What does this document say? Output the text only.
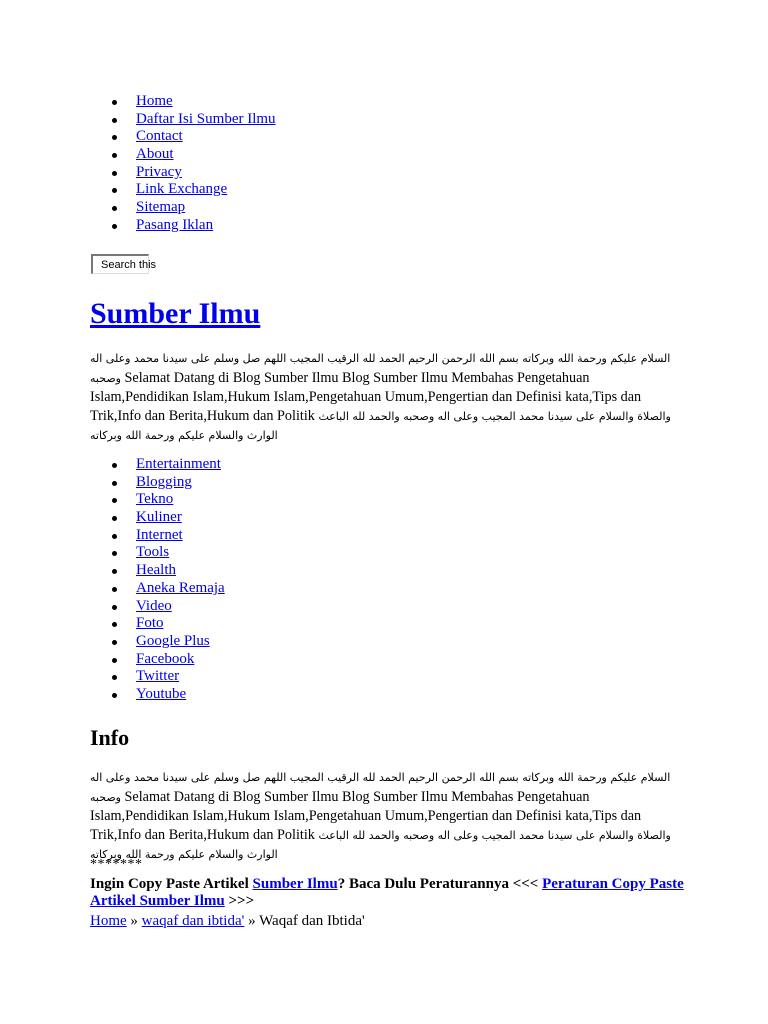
Home
Daftar Isi Sumber Ilmu
Contact
About
Privacy
Link Exchange
Sitemap
Pasang Iklan
Search this
Sumber Ilmu
السلام عليكم ورحمة الله وبركاته بسم الله الرحمن الرحيم الحمد لله الرقيب المجيب اللهم صل وسلم على سيدنا محمد وعلى اله وصحبه Selamat Datang di Blog Sumber Ilmu Blog Sumber Ilmu Membahas Pengetahuan Islam,Pendidikan Islam,Hukum Islam,Pengetahuan Umum,Pengertian dan Definisi kata,Tips dan Trik,Info dan Berita,Hukum dan Politik والصلاة والسلام على سيدنا محمد المجيب وعلى اله وصحبه والحمد لله الباعث الوارث والسلام عليكم ورحمة الله وبركاته
Entertainment
Blogging
Tekno
Kuliner
Internet
Tools
Health
Aneka Remaja
Video
Foto
Google Plus
Facebook
Twitter
Youtube
Info
السلام عليكم ورحمة الله وبركاته بسم الله الرحمن الرحيم الحمد لله الرقيب المجيب اللهم صل وسلم على سيدنا محمد وعلى اله وصحبه Selamat Datang di Blog Sumber Ilmu Blog Sumber Ilmu Membahas Pengetahuan Islam,Pendidikan Islam,Hukum Islam,Pengetahuan Umum,Pengertian dan Definisi kata,Tips dan Trik,Info dan Berita,Hukum dan Politik والصلاة والسلام على سيدنا محمد المجيب وعلى اله وصحبه والحمد لله الباعث الوارث والسلام عليكم ورحمة الله وبركاته
*******
Ingin Copy Paste Artikel Sumber Ilmu? Baca Dulu Peraturannya <<< Peraturan Copy Paste Artikel Sumber Ilmu >>>
Home » waqaf dan ibtida' » Waqaf dan Ibtida'
